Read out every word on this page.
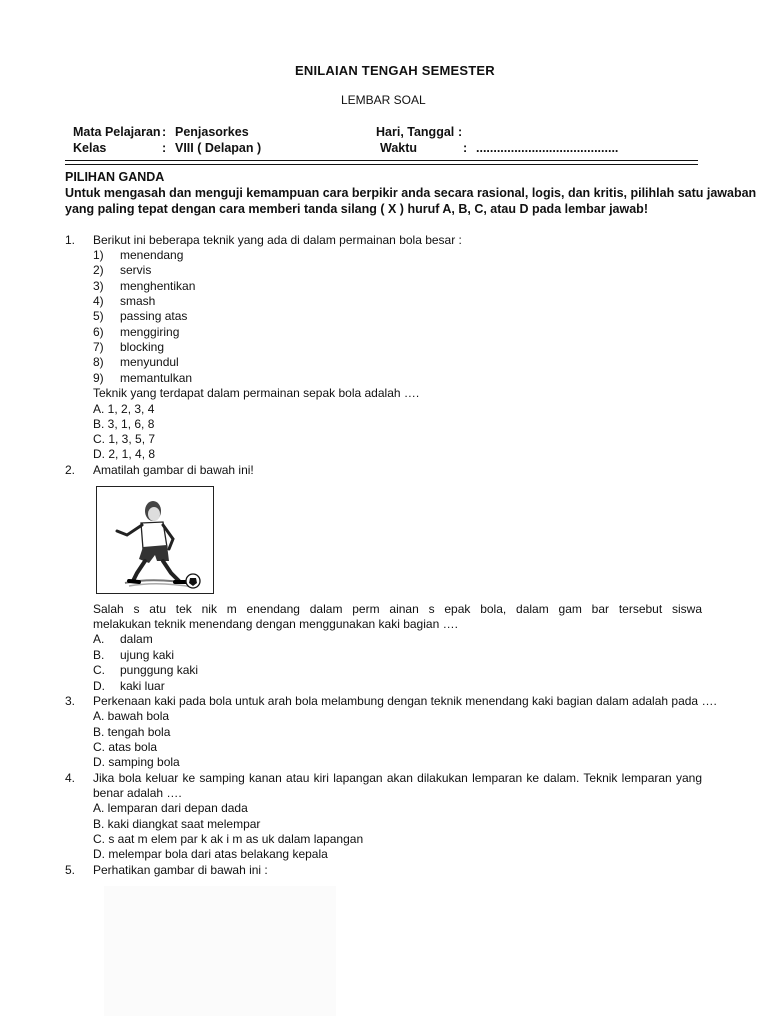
ENILAIAN TENGAH SEMESTER
LEMBAR SOAL
Mata Pelajaran : Penjasorkes
Kelas	: VIII ( Delapan )
Hari, Tanggal :
Waktu	: .........................................
PILIHAN GANDA
Untuk mengasah dan menguji kemampuan cara berpikir anda secara rasional, logis, dan kritis, pilihlah satu jawaban
yang paling tepat dengan cara memberi tanda silang ( X ) huruf A, B, C, atau D pada lembar jawab!
1. Berikut ini beberapa teknik yang ada di dalam permainan bola besar :
1) menendang
2) servis
3) menghentikan
4) smash
5) passing atas
6) menggiring
7) blocking
8) menyundul
9) memantulkan
Teknik yang terdapat dalam permainan sepak bola adalah ….
A. 1, 2, 3, 4
B. 3, 1, 6, 8
C. 1, 3, 5, 7
D. 2, 1, 4, 8
2. Amatilah gambar di bawah ini!
Salah s atu tek nik m enendang dalam perm ainan s epak bola, dalam gam bar tersebut siswa
melakukan teknik menendang dengan menggunakan kaki bagian ….
A. dalam
B. ujung kaki
C. punggung kaki
D. kaki luar
3. Perkenaan kaki pada bola untuk arah bola melambung dengan teknik menendang kaki bagian dalam adalah pada ….
A. bawah bola
B. tengah bola
C. atas bola
D. samping bola
4. Jika bola keluar ke samping kanan atau kiri lapangan akan dilakukan lemparan ke dalam. Teknik lemparan yang
benar adalah ….
A. lemparan dari depan dada
B. kaki diangkat saat melempar
C. s aat m elem par k ak i m as uk dalam lapangan
D. melempar bola dari atas belakang kepala
5. Perhatikan gambar di bawah ini :
